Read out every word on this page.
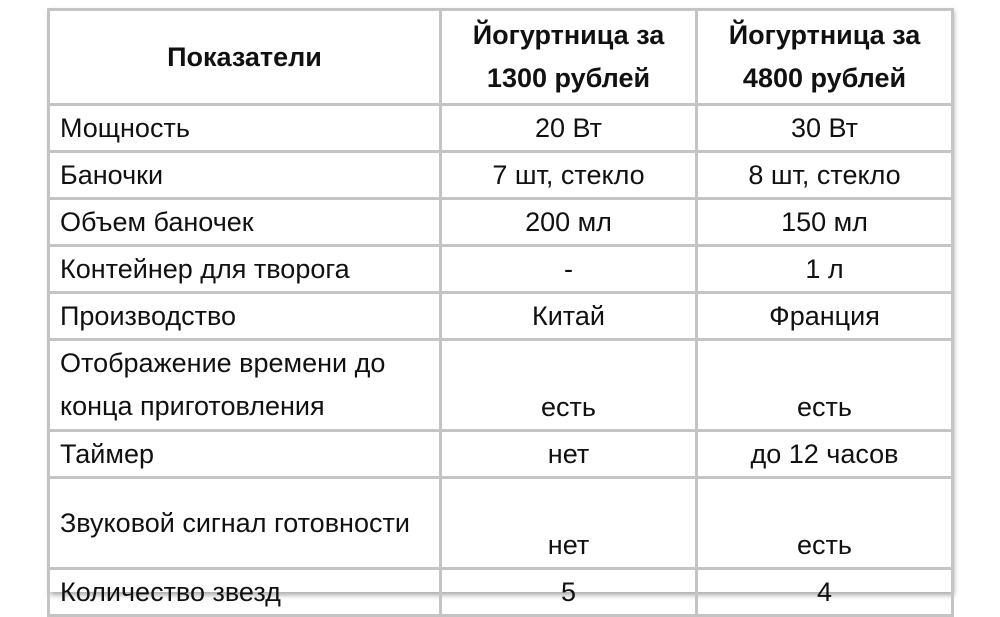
Показатели	Йогуртница за 1300 рублей	Йогуртница за 4800 рублей
Мощность	20 Вт	30 Вт
Баночки	7 шт, стекло	8 шт, стекло
Объем баночек	200 мл	150 мл
Контейнер для творога	-	1 л
Производство	Китай	Франция
Отображение времени до конца приготовления	есть	есть
Таймер	нет	до 12 часов
Звуковой сигнал готовности	нет	есть
Количество звезд	5	4
